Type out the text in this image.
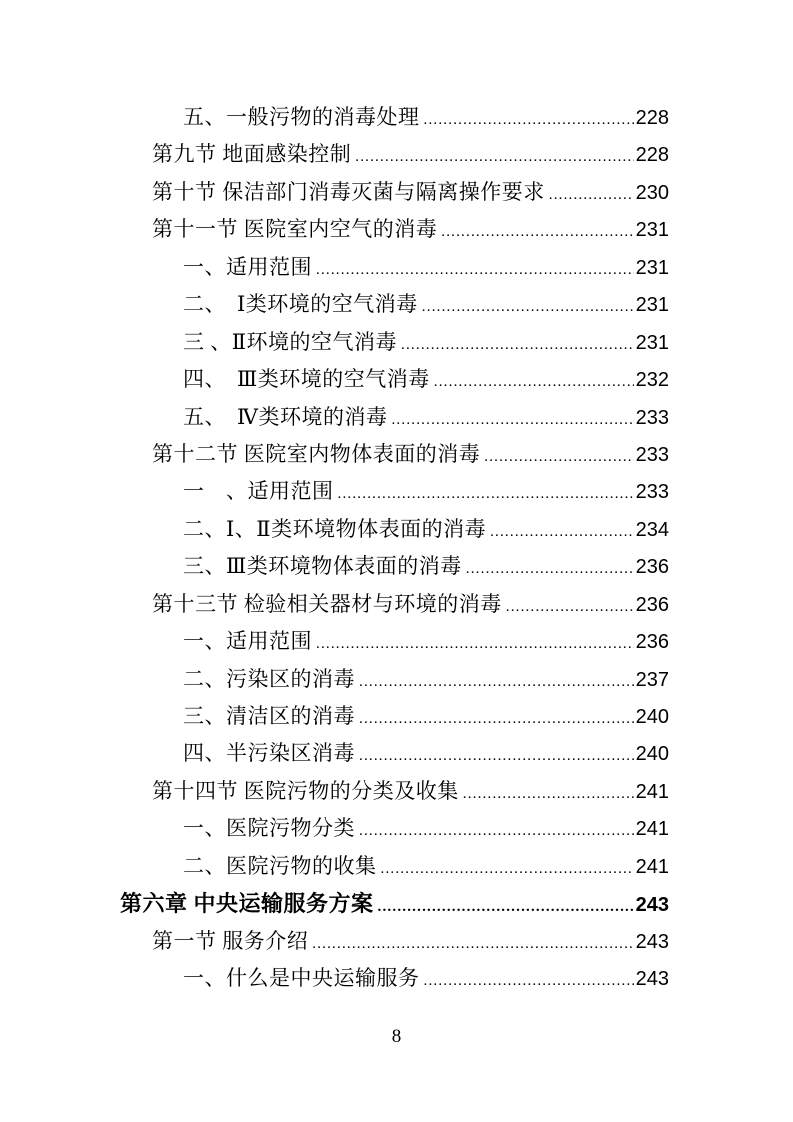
五、一般污物的消毒处理 .....	228
第九节 地面感染控制 .....	228
第十节 保洁部门消毒灭菌与隔离操作要求 .....	230
第十一节 医院室内空气的消毒 .....	231
一、适用范围 .....	231
二、　Ⅰ类环境的空气消毒 .....	231
三 、Ⅱ环境的空气消毒 .....	231
四、　Ⅲ类环境的空气消毒 .....	232
五、　Ⅳ类环境的消毒 .....	233
第十二节 医院室内物体表面的消毒 .....	233
一　、适用范围 .....	233
二、Ⅰ、Ⅱ类环境物体表面的消毒 .....	234
三、Ⅲ类环境物体表面的消毒 .....	236
第十三节 检验相关器材与环境的消毒 .....	236
一、适用范围 .....	236
二、污染区的消毒 .....	237
三、清洁区的消毒 .....	240
四、半污染区消毒 .....	240
第十四节 医院污物的分类及收集 .....	241
一、医院污物分类 .....	241
二、医院污物的收集 .....	241
第六章 中央运输服务方案 .....	243
第一节 服务介绍 .....	243
一、什么是中央运输服务 .....	243
8
